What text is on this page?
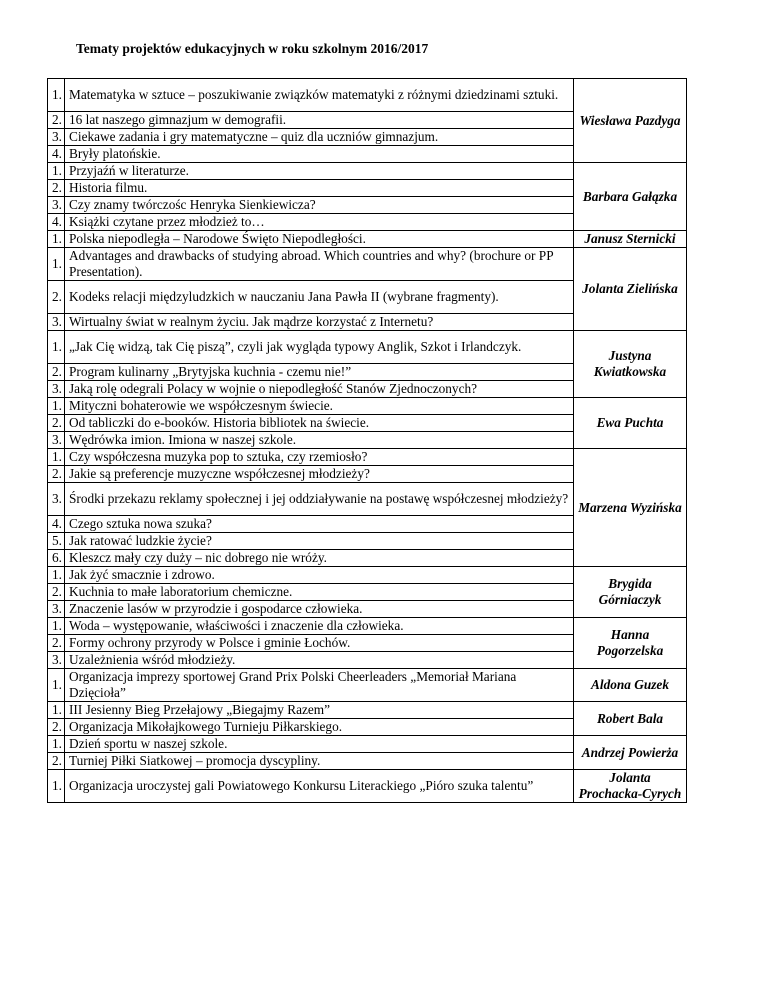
Tematy projektów edukacyjnych w roku szkolnym 2016/2017
1.	Matematyka w sztuce – poszukiwanie związków matematyki z różnymi dziedzinami sztuki.	Wiesława Pazdyga
2.	16 lat naszego gimnazjum w demografii.	
3.	Ciekawe zadania i gry matematyczne – quiz dla uczniów gimnazjum.	
4.	Bryły platońskie.	
1.	Przyjaźń w literaturze.	Barbara Gałązka
2.	Historia filmu.	
3.	Czy znamy twórczośc Henryka Sienkiewicza?	
4.	Książki czytane przez młodzież to…	
1.	Polska niepodległa – Narodowe Święto Niepodległości.	Janusz Sternicki
1.	Advantages and drawbacks of studying abroad. Which countries and why? (brochure or PP Presentation).	Jolanta Zielińska
2.	Kodeks relacji międzyludzkich w nauczaniu Jana Pawła II (wybrane fragmenty).	
3.	Wirtualny świat w realnym życiu. Jak mądrze korzystać z Internetu?	
1.	„Jak Cię widzą, tak Cię piszą”, czyli jak wygląda typowy Anglik, Szkot i Irlandczyk.	Justyna Kwiatkowska
2.	Program kulinarny „Brytyjska kuchnia - czemu nie!”	
3.	Jaką rolę odegrali Polacy w wojnie o niepodległość Stanów Zjednoczonych?	
1.	Mityczni bohaterowie we współczesnym świecie.	Ewa Puchta
2.	Od tabliczki do e-booków. Historia bibliotek na świecie.	
3.	Wędrówka imion. Imiona w naszej szkole.	
1.	Czy współczesna muzyka pop to sztuka, czy rzemiosło?	Marzena Wyzińska
2.	Jakie są preferencje muzyczne współczesnej młodzieży?	
3.	Środki przekazu reklamy społecznej i jej oddziaływanie na postawę współczesnej młodzieży?	
4.	Czego sztuka nowa szuka?	
5.	Jak ratować ludzkie życie?	
6.	Kleszcz mały czy duży – nic dobrego nie wróży.	
1.	Jak żyć smacznie i zdrowo.	Brygida Górniaczyk
2.	Kuchnia to małe laboratorium chemiczne.	
3.	Znaczenie lasów w przyrodzie i gospodarce człowieka.	
1.	Woda – występowanie, właściwości i znaczenie dla człowieka.	Hanna Pogorzelska
2.	Formy ochrony przyrody w Polsce i gminie Łochów.	
3.	Uzależnienia wśród młodzieży.	
1.	Organizacja imprezy sportowej Grand Prix Polski Cheerleaders „Memoriał Mariana Dzięcioła”	Aldona Guzek
1.	III Jesienny Bieg Przełajowy „Biegajmy Razem”	Robert Bala
2.	Organizacja Mikołajkowego Turnieju Piłkarskiego.	
1.	Dzień sportu w naszej szkole.	Andrzej Powierża
2.	Turniej Piłki Siatkowej – promocja dyscypliny.	
1.	Organizacja uroczystej gali Powiatowego Konkursu Literackiego „Pióro szuka talentu”	Jolanta Prochacka-Cyrych
